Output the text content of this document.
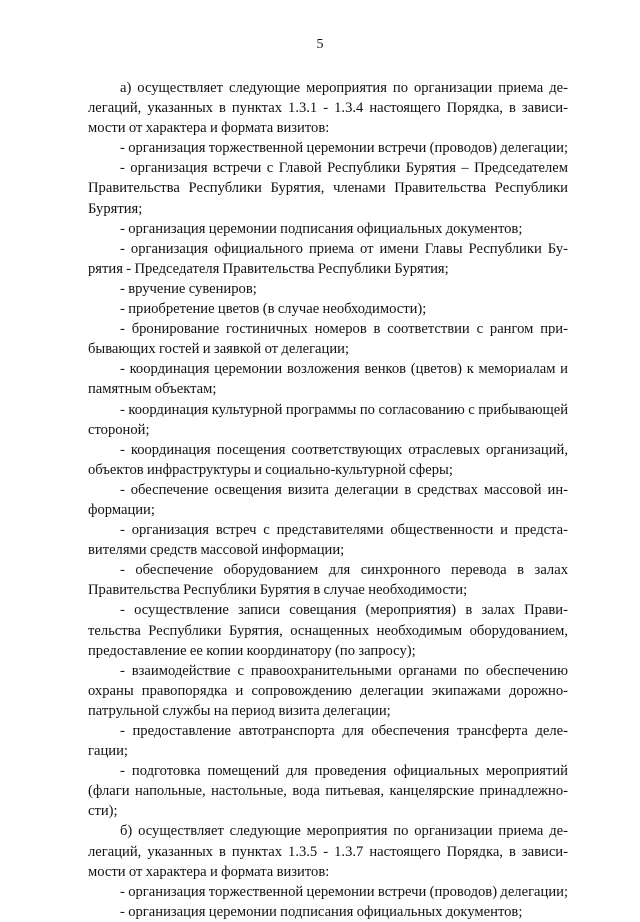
5

а) осуществляет следующие мероприятия по организации приема делегаций, указанных в пунктах 1.3.1 - 1.3.4 настоящего Порядка, в зависимости от характера и формата визитов:

- организация торжественной церемонии встречи (проводов) делегации;

- организация встречи с Главой Республики Бурятия – Председателем Правительства Республики Бурятия, членами Правительства Республики Бурятия;

- организация церемонии подписания официальных документов;

- организация официального приема от имени Главы Республики Бурятия - Председателя Правительства Республики Бурятия;

- вручение сувениров;

- приобретение цветов (в случае необходимости);

- бронирование гостиничных номеров в соответствии с рангом прибывающих гостей и заявкой от делегации;

- координация церемонии возложения венков (цветов) к мемориалам и памятным объектам;

- координация культурной программы по согласованию с прибывающей стороной;

- координация посещения соответствующих отраслевых организаций, объектов инфраструктуры и социально-культурной сферы;

- обеспечение освещения визита делегации в средствах массовой информации;

- организация встреч с представителями общественности и представителями средств массовой информации;

- обеспечение оборудованием для синхронного перевода в залах Правительства Республики Бурятия в случае необходимости;

- осуществление записи совещания (мероприятия) в залах Правительства Республики Бурятия, оснащенных необходимым оборудованием, предоставление ее копии координатору (по запросу);

- взаимодействие с правоохранительными органами по обеспечению охраны правопорядка и сопровождению делегации экипажами дорожно-патрульной службы на период визита делегации;

- предоставление автотранспорта для обеспечения трансферта делегации;

- подготовка помещений для проведения официальных мероприятий (флаги напольные, настольные, вода питьевая, канцелярские принадлежности);

б) осуществляет следующие мероприятия по организации приема делегаций, указанных в пунктах 1.3.5 - 1.3.7 настоящего Порядка, в зависимости от характера и формата визитов:

- организация торжественной церемонии встречи (проводов) делегации;

- организация церемонии подписания официальных документов;
